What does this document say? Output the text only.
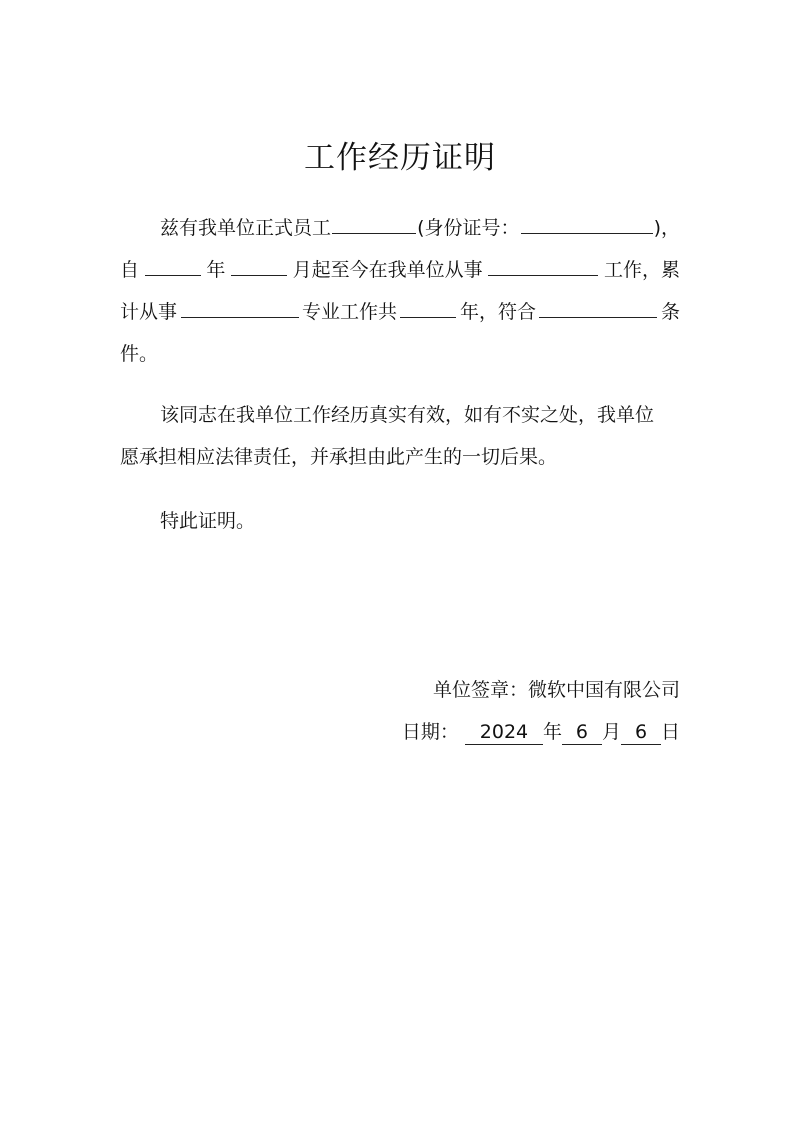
工作经历证明
兹有我单位正式员工	(身份证号：	)，
自	年	月起至今在我单位从事	工作，累
计从事	专业工作共	年，符合	条
件。
该同志在我单位工作经历真实有效，如有不实之处，我单位
愿承担相应法律责任，并承担由此产生的一切后果。
特此证明。
单位签章：微软中国有限公司
日期： 2024 年 6 月 6 日
